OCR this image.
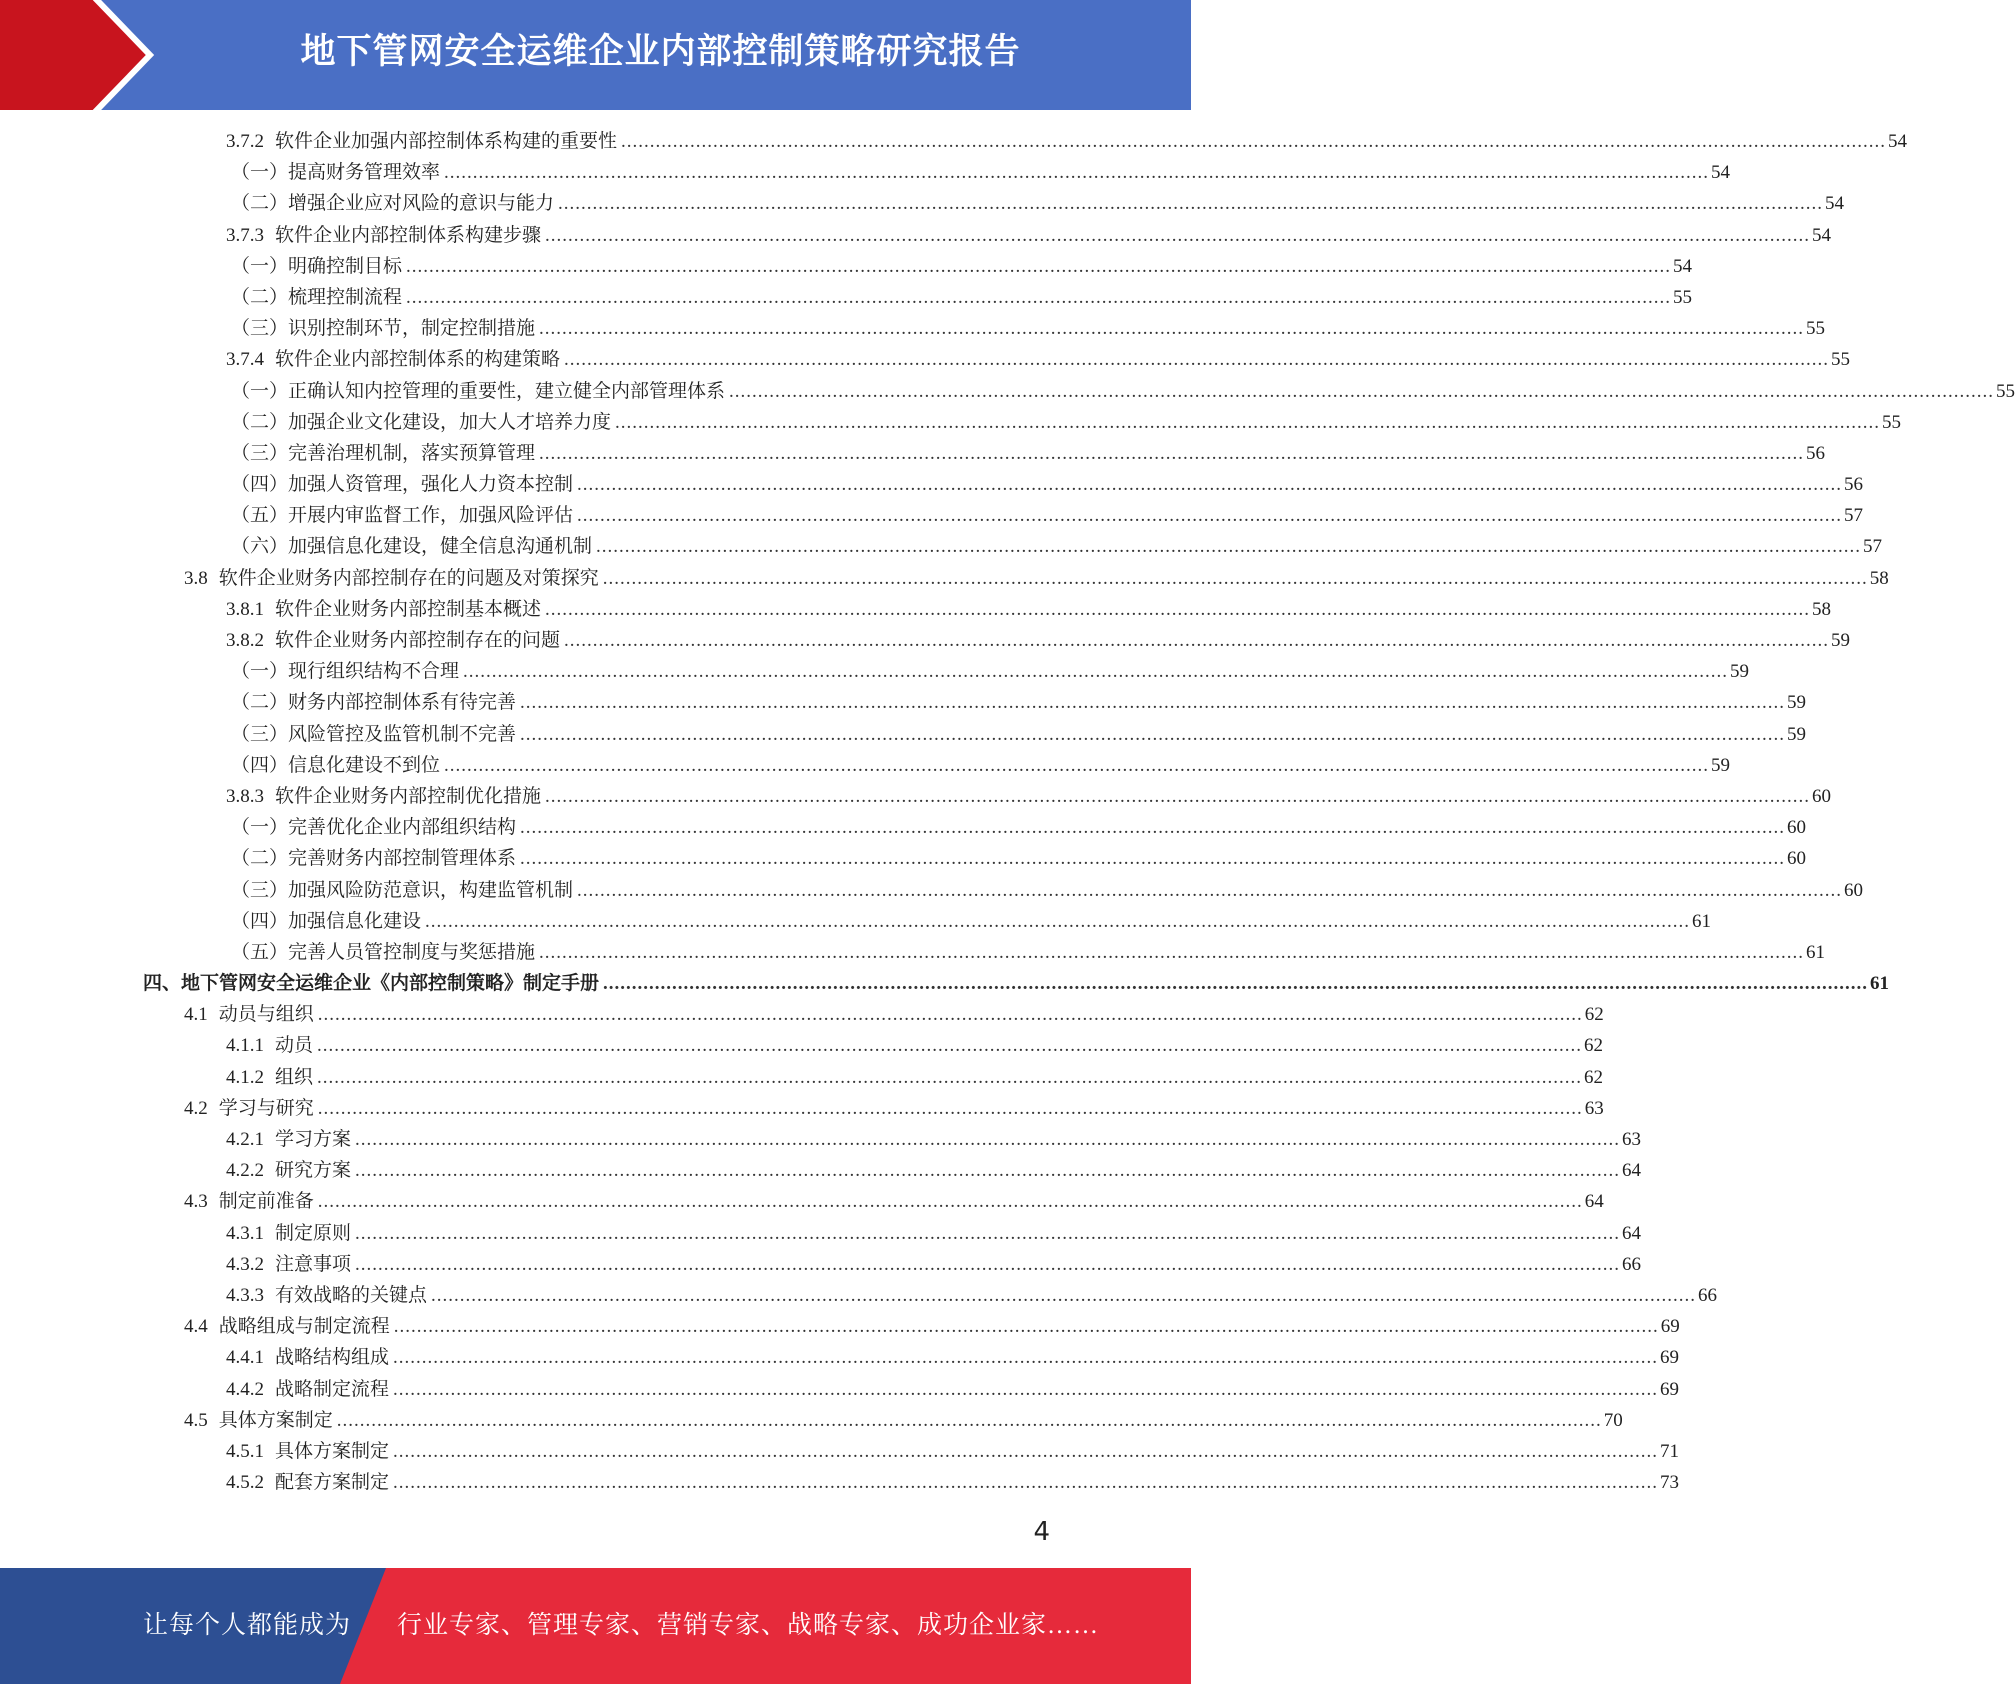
地下管网安全运维企业内部控制策略研究报告
3.7.2 软件企业加强内部控制体系构建的重要性 ............................................................................................................................................................................................................................ 54
（一）提高财务管理效率 ............................................................................................................................................................................................................................ 54
（二）增强企业应对风险的意识与能力 ............................................................................................................................................................................................................................ 54
3.7.3 软件企业内部控制体系构建步骤 ............................................................................................................................................................................................................................ 54
（一）明确控制目标 ............................................................................................................................................................................................................................ 54
（二）梳理控制流程 ............................................................................................................................................................................................................................ 55
（三）识别控制环节，制定控制措施 ............................................................................................................................................................................................................................ 55
3.7.4 软件企业内部控制体系的构建策略 ............................................................................................................................................................................................................................ 55
（一）正确认知内控管理的重要性，建立健全内部管理体系 ............................................................................................................................................................................................................................ 55
（二）加强企业文化建设，加大人才培养力度 ............................................................................................................................................................................................................................ 55
（三）完善治理机制，落实预算管理 ............................................................................................................................................................................................................................ 56
（四）加强人资管理，强化人力资本控制 ............................................................................................................................................................................................................................ 56
（五）开展内审监督工作，加强风险评估 ............................................................................................................................................................................................................................ 57
（六）加强信息化建设，健全信息沟通机制 ............................................................................................................................................................................................................................ 57
3.8 软件企业财务内部控制存在的问题及对策探究 ............................................................................................................................................................................................................................ 58
3.8.1 软件企业财务内部控制基本概述 ............................................................................................................................................................................................................................ 58
3.8.2 软件企业财务内部控制存在的问题 ............................................................................................................................................................................................................................ 59
（一）现行组织结构不合理 ............................................................................................................................................................................................................................ 59
（二）财务内部控制体系有待完善 ............................................................................................................................................................................................................................ 59
（三）风险管控及监管机制不完善 ............................................................................................................................................................................................................................ 59
（四）信息化建设不到位 ............................................................................................................................................................................................................................ 59
3.8.3 软件企业财务内部控制优化措施 ............................................................................................................................................................................................................................ 60
（一）完善优化企业内部组织结构 ............................................................................................................................................................................................................................ 60
（二）完善财务内部控制管理体系 ............................................................................................................................................................................................................................ 60
（三）加强风险防范意识，构建监管机制 ............................................................................................................................................................................................................................ 60
（四）加强信息化建设 ............................................................................................................................................................................................................................ 61
（五）完善人员管控制度与奖惩措施 ............................................................................................................................................................................................................................ 61
四、地下管网安全运维企业《内部控制策略》制定手册 ............................................................................................................................................................................................................................ 61
4.1 动员与组织 ............................................................................................................................................................................................................................ 62
4.1.1 动员 ............................................................................................................................................................................................................................ 62
4.1.2 组织 ............................................................................................................................................................................................................................ 62
4.2 学习与研究 ............................................................................................................................................................................................................................ 63
4.2.1 学习方案 ............................................................................................................................................................................................................................ 63
4.2.2 研究方案 ............................................................................................................................................................................................................................ 64
4.3 制定前准备 ............................................................................................................................................................................................................................ 64
4.3.1 制定原则 ............................................................................................................................................................................................................................ 64
4.3.2 注意事项 ............................................................................................................................................................................................................................ 66
4.3.3 有效战略的关键点 ............................................................................................................................................................................................................................ 66
4.4 战略组成与制定流程 ............................................................................................................................................................................................................................ 69
4.4.1 战略结构组成 ............................................................................................................................................................................................................................ 69
4.4.2 战略制定流程 ............................................................................................................................................................................................................................ 69
4.5 具体方案制定 ............................................................................................................................................................................................................................ 70
4.5.1 具体方案制定 ............................................................................................................................................................................................................................ 71
4.5.2 配套方案制定 ............................................................................................................................................................................................................................ 73
4
让每个人都能成为 行业专家、管理专家、营销专家、战略专家、成功企业家……
